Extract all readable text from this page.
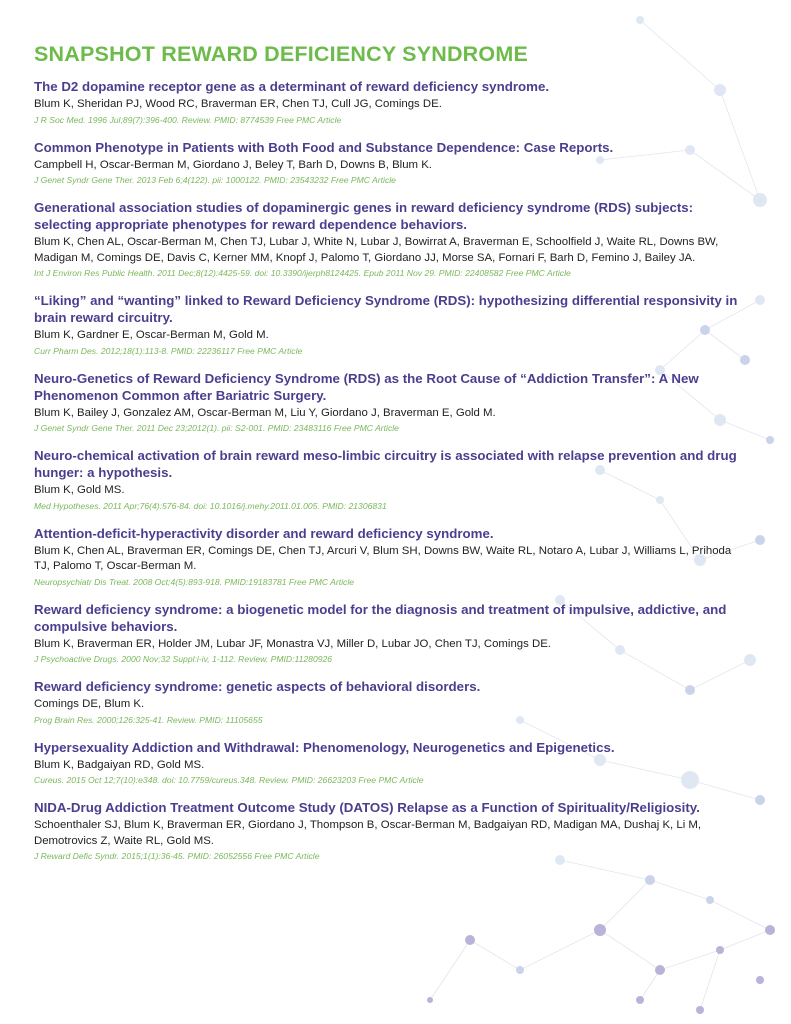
SNAPSHOT REWARD DEFICIENCY SYNDROME

The D2 dopamine receptor gene as a determinant of reward deficiency syndrome.

Blum K, Sheridan PJ, Wood RC, Braverman ER, Chen TJ, Cull JG, Comings DE.

J R Soc Med. 1996 Jul;89(7):396-400. Review. PMID: 8774539 Free PMC Article

Common Phenotype in Patients with Both Food and Substance Dependence: Case Reports.

Campbell H, Oscar-Berman M, Giordano J, Beley T, Barh D, Downs B, Blum K.

J Genet Syndr Gene Ther. 2013 Feb 6;4(122). pii: 1000122. PMID: 23543232 Free PMC Article

Generational association studies of dopaminergic genes in reward deficiency syndrome (RDS) subjects: selecting appropriate phenotypes for reward dependence behaviors.

Blum K, Chen AL, Oscar-Berman M, Chen TJ, Lubar J, White N, Lubar J, Bowirrat A, Braverman E, Schoolfield J, Waite RL, Downs BW, Madigan M, Comings DE, Davis C, Kerner MM, Knopf J, Palomo T, Giordano JJ, Morse SA, Fornari F, Barh D, Femino J, Bailey JA.

Int J Environ Res Public Health. 2011 Dec;8(12):4425-59. doi: 10.3390/ijerph8124425. Epub 2011 Nov 29. PMID: 22408582 Free PMC Article

“Liking” and “wanting” linked to Reward Deficiency Syndrome (RDS): hypothesizing differential responsivity in brain reward circuitry.

Blum K, Gardner E, Oscar-Berman M, Gold M.

Curr Pharm Des. 2012;18(1):113-8. PMID: 22236117 Free PMC Article

Neuro-Genetics of Reward Deficiency Syndrome (RDS) as the Root Cause of “Addiction Transfer”: A New Phenomenon Common after Bariatric Surgery.

Blum K, Bailey J, Gonzalez AM, Oscar-Berman M, Liu Y, Giordano J, Braverman E, Gold M.

J Genet Syndr Gene Ther. 2011 Dec 23;2012(1). pii: S2-001. PMID: 23483116 Free PMC Article

Neuro-chemical activation of brain reward meso-limbic circuitry is associated with relapse prevention and drug hunger: a hypothesis.

Blum K, Gold MS.

Med Hypotheses. 2011 Apr;76(4):576-84. doi: 10.1016/j.mehy.2011.01.005. PMID: 21306831

Attention-deficit-hyperactivity disorder and reward deficiency syndrome.

Blum K, Chen AL, Braverman ER, Comings DE, Chen TJ, Arcuri V, Blum SH, Downs BW, Waite RL, Notaro A, Lubar J, Williams L, Prihoda TJ, Palomo T, Oscar-Berman M.

Neuropsychiatr Dis Treat. 2008 Oct;4(5):893-918. PMID:19183781 Free PMC Article

Reward deficiency syndrome: a biogenetic model for the diagnosis and treatment of impulsive, addictive, and compulsive behaviors.

Blum K, Braverman ER, Holder JM, Lubar JF, Monastra VJ, Miller D, Lubar JO, Chen TJ, Comings DE.

J Psychoactive Drugs. 2000 Nov;32 Suppl:i-iv, 1-112. Review. PMID:11280926

Reward deficiency syndrome: genetic aspects of behavioral disorders.

Comings DE, Blum K.

Prog Brain Res. 2000;126:325-41. Review. PMID: 11105655

Hypersexuality Addiction and Withdrawal: Phenomenology, Neurogenetics and Epigenetics.

Blum K, Badgaiyan RD, Gold MS.

Cureus. 2015 Oct 12;7(10):e348. doi: 10.7759/cureus.348. Review. PMID: 26623203 Free PMC Article

NIDA-Drug Addiction Treatment Outcome Study (DATOS) Relapse as a Function of Spirituality/Religiosity.

Schoenthaler SJ, Blum K, Braverman ER, Giordano J, Thompson B, Oscar-Berman M, Badgaiyan RD, Madigan MA, Dushaj K, Li M, Demotrovics Z, Waite RL, Gold MS.

J Reward Defic Syndr. 2015;1(1):36-45. PMID: 26052556 Free PMC Article
